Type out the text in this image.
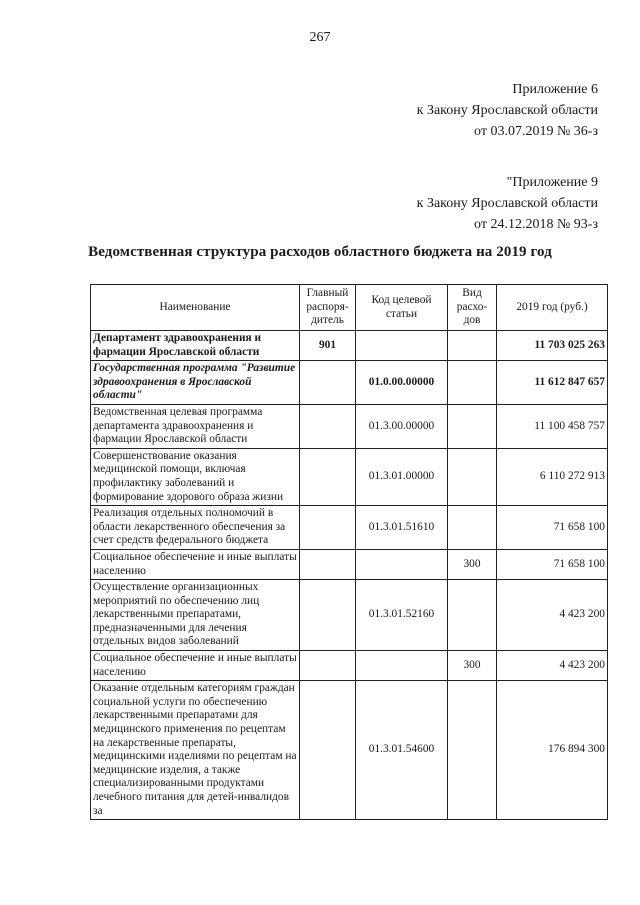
267
Приложение 6
к Закону Ярославской области
от 03.07.2019 № 36-з
"Приложение 9
к Закону Ярославской области
от 24.12.2018 № 93-з
Ведомственная структура расходов областного бюджета на 2019 год
Наименование	Главный распоря-дитель	Код целевой статьи	Вид расхо-дов	2019 год (руб.)
Департамент здравоохранения и фармации Ярославской области	901			11 703 025 263
Государственная программа "Развитие здравоохранения в Ярославской области"		01.0.00.00000		11 612 847 657
Ведомственная целевая программа департамента здравоохранения и фармации Ярославской области		01.3.00.00000		11 100 458 757
Совершенствование оказания медицинской помощи, включая профилактику заболеваний и формирование здорового образа жизни		01.3.01.00000		6 110 272 913
Реализация отдельных полномочий в области лекарственного обеспечения за счет средств федерального бюджета		01.3.01.51610		71 658 100
Социальное обеспечение и иные выплаты населению			300	71 658 100
Осуществление организационных мероприятий по обеспечению лиц лекарственными препаратами, предназначенными для лечения отдельных видов заболеваний		01.3.01.52160		4 423 200
Социальное обеспечение и иные выплаты населению			300	4 423 200
Оказание отдельным категориям граждан социальной услуги по обеспечению лекарственными препаратами для медицинского применения по рецептам на лекарственные препараты, медицинскими изделиями по рецептам на медицинские изделия, а также специализированными продуктами лечебного питания для детей-инвалидов за		01.3.01.54600		176 894 300
